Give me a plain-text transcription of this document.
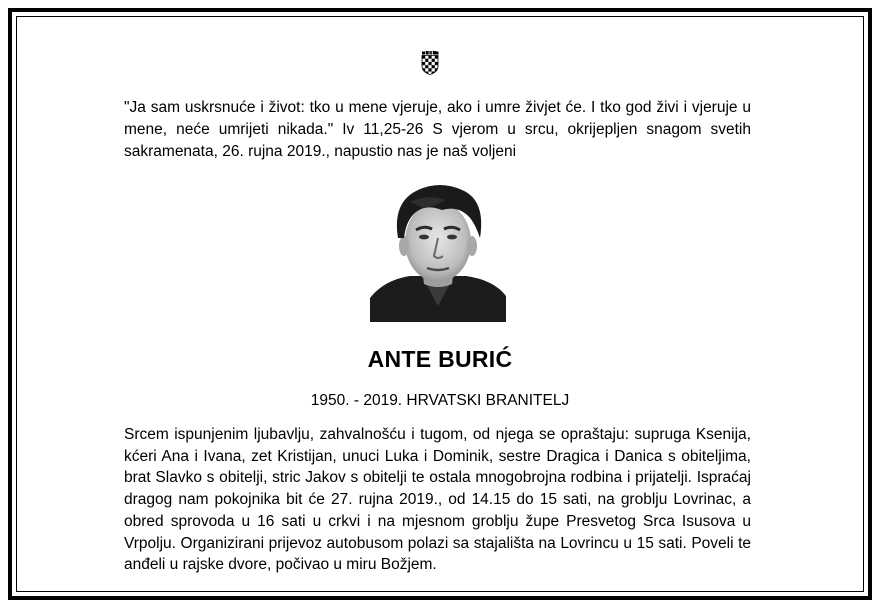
"Ja sam uskrsnuće i život: tko u mene vjeruje, ako i umre živjet će. I tko god živi i vjeruje u mene, neće umrijeti nikada." Iv 11,25-26 S vjerom u srcu, okrijepljen snagom svetih sakramenata, 26. rujna 2019., napustio nas je naš voljeni
ANTE BURIĆ
1950. - 2019. HRVATSKI BRANITELJ
Srcem ispunjenim ljubavlju, zahvalnošću i tugom, od njega se opraštaju: supruga Ksenija, kćeri Ana i Ivana, zet Kristijan, unuci Luka i Dominik, sestre Dragica i Danica s obiteljima, brat Slavko s obitelji, stric Jakov s obitelji te ostala mnogobrojna rodbina i prijatelji. Ispraćaj dragog nam pokojnika bit će 27. rujna 2019., od 14.15 do 15 sati, na groblju Lovrinac, a obred sprovoda u 16 sati u crkvi i na mjesnom groblju župe Presvetog Srca Isusova u Vrpolju. Organizirani prijevoz autobusom polazi sa stajališta na Lovrincu u 15 sati. Poveli te anđeli u rajske dvore, počivao u miru Božjem.
